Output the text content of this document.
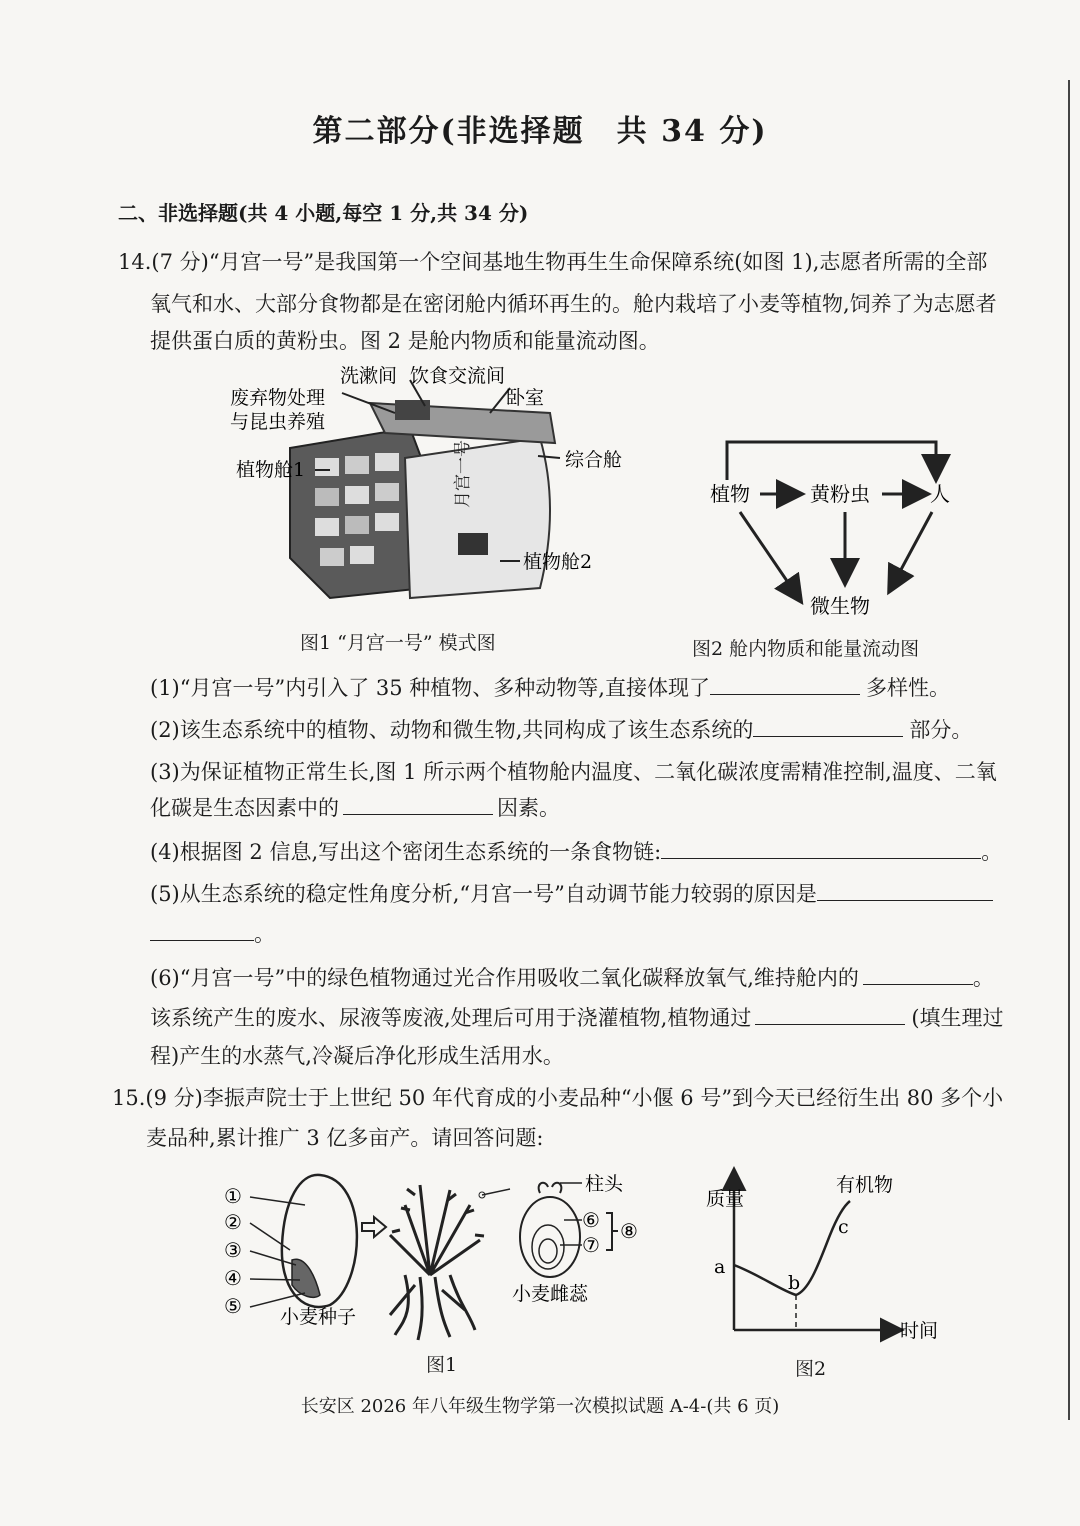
第二部分(非选择题　共 34 分)
二、非选择题(共 4 小题,每空 1 分,共 34 分)
14.(7 分)“月宫一号”是我国第一个空间基地生物再生生命保障系统(如图 1),志愿者所需的全部
氧气和水、大部分食物都是在密闭舱内循环再生的。舱内栽培了小麦等植物,饲养了为志愿者
提供蛋白质的黄粉虫。图 2 是舱内物质和能量流动图。
月宫一号
洗漱间 饮食交流间
废弃物处理
与昆虫养殖
卧室
综合舱
植物舱1
植物舱2
图1 “月宫一号” 模式图
植物	黄粉虫	人
微生物
图2 舱内物质和能量流动图
(1)“月宫一号”内引入了 35 种植物、多种动物等,直接体现了	多样性。
(2)该生态系统中的植物、动物和微生物,共同构成了该生态系统的	部分。
(3)为保证植物正常生长,图 1 所示两个植物舱内温度、二氧化碳浓度需精准控制,温度、二氧
化碳是生态因素中的	因素。
(4)根据图 2 信息,写出这个密闭生态系统的一条食物链:	。
(5)从生态系统的稳定性角度分析,“月宫一号”自动调节能力较弱的原因是
。
(6)“月宫一号”中的绿色植物通过光合作用吸收二氧化碳释放氧气,维持舱内的	。
该系统产生的废水、尿液等废液,处理后可用于浇灌植物,植物通过	(填生理过
程)产生的水蒸气,冷凝后净化形成生活用水。
15.(9 分)李振声院士于上世纪 50 年代育成的小麦品种“小偃 6 号”到今天已经衍生出 80 多个小
麦品种,累计推广 3 亿多亩产。请回答问题:
①
②
③
④
⑤ 小麦种子
柱头
⑥
⑦
⑧
小麦雌蕊
图1
质量
时间
有机物
a
b
c
图2
长安区 2026 年八年级生物学第一次模拟试题 A-4-(共 6 页)
